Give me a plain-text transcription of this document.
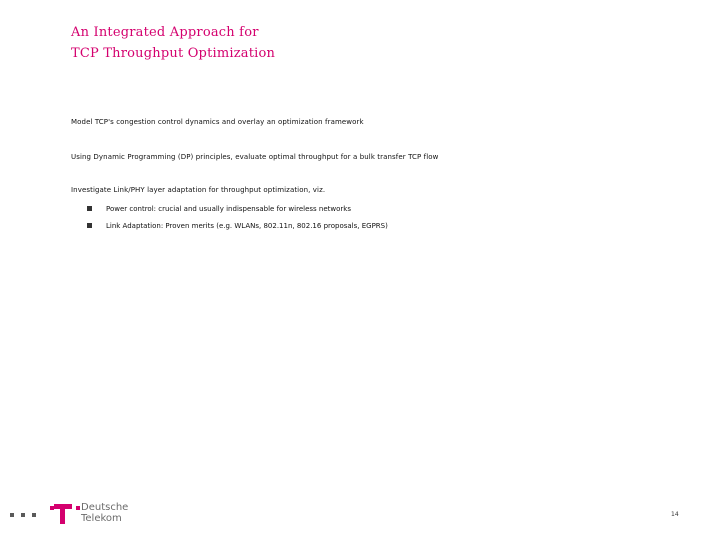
An Integrated Approach for
TCP Throughput Optimization
Model TCP's congestion control dynamics and overlay an optimization framework
Using Dynamic Programming (DP) principles, evaluate optimal throughput for a bulk transfer TCP flow
Investigate Link/PHY layer adaptation for throughput optimization, viz.
Power control: crucial and usually indispensable for wireless networks
Link Adaptation: Proven merits (e.g. WLANs, 802.11n, 802.16 proposals, EGPRS)
Deutsche
Telekom	14
